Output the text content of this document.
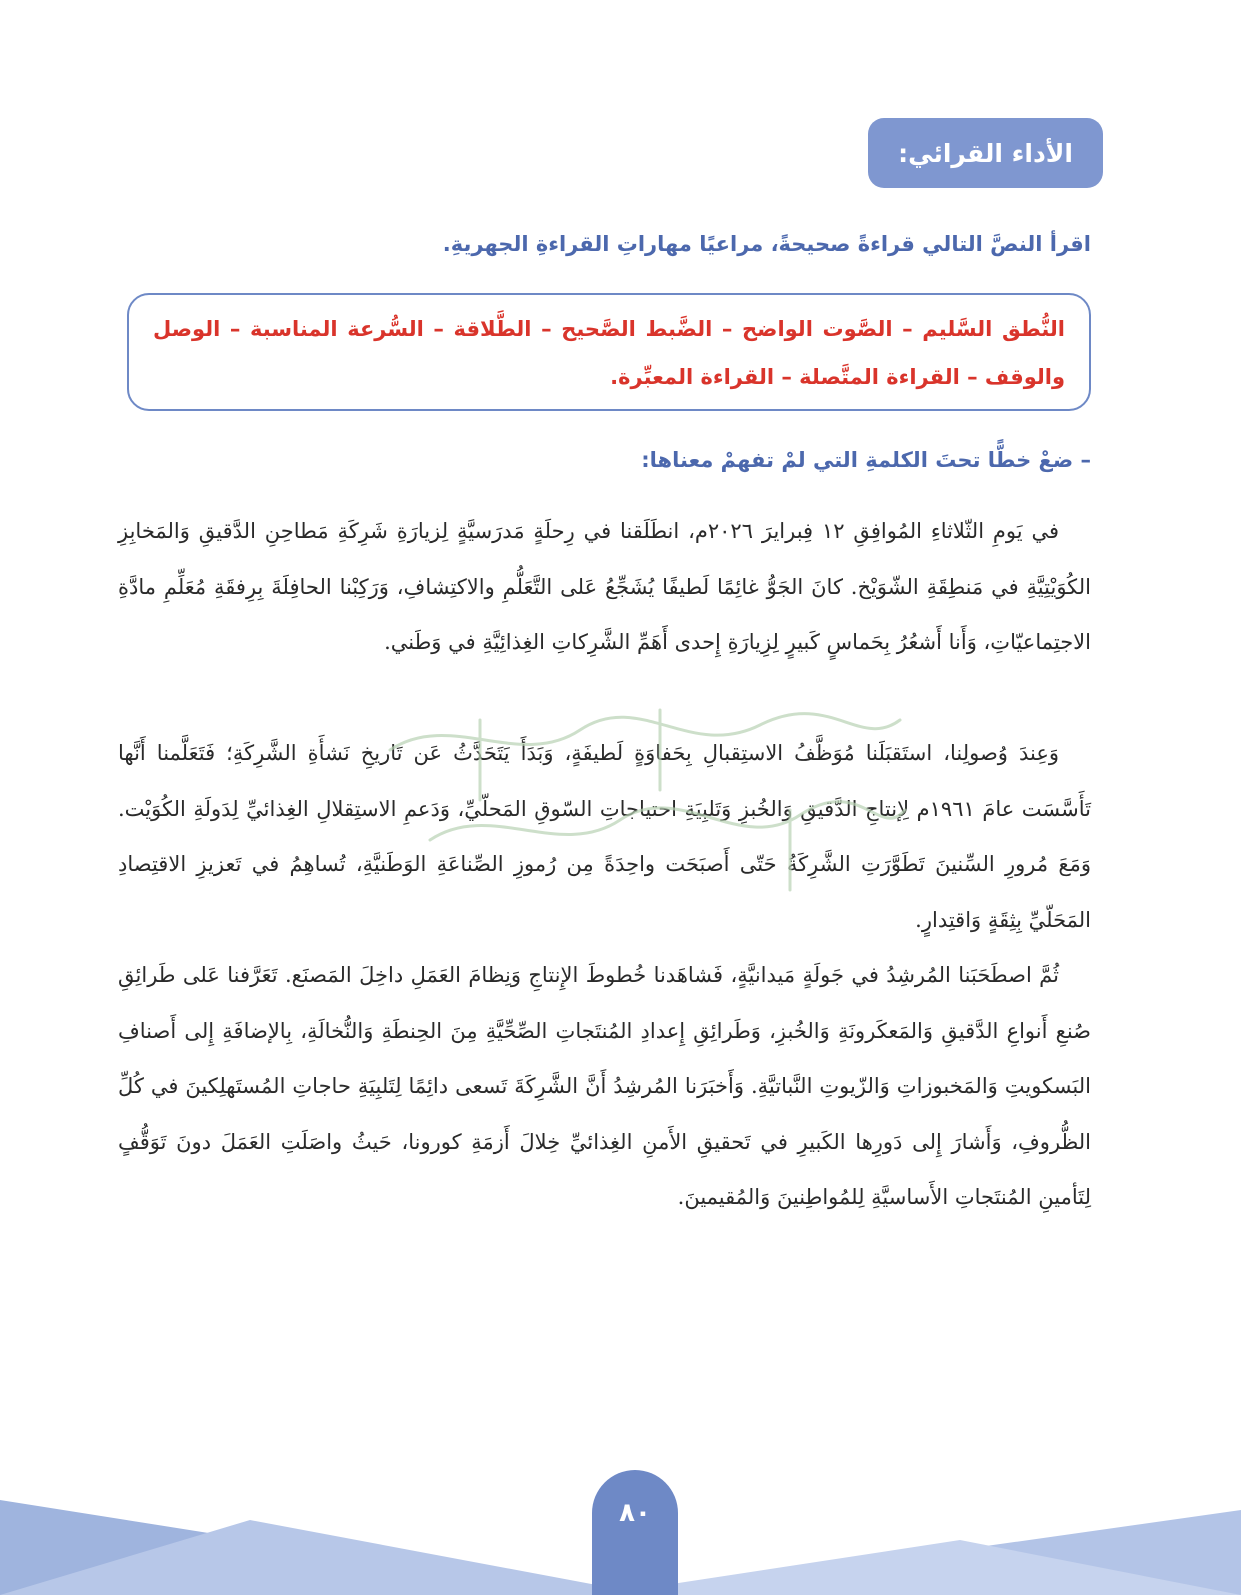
الأداء القرائي:
اقرأ النصَّ التالي قراءةً صحيحةً، مراعيًا مهاراتِ القراءةِ الجهريةِ.
النُّطق السَّليم – الصَّوت الواضح – الضَّبط الصَّحيح – الطَّلاقة – السُّرعة المناسبة – الوصل والوقف – القراءة المتَّصلة – القراءة المعبِّرة.
– ضعْ خطًّا تحتَ الكلمةِ التي لمْ تفهمْ معناها:

في يَومِ الثّلاثاءِ المُوافِقِ ١٢ فِبرايرَ ٢٠٢٦م، انطَلَقنا في رِحلَةٍ مَدرَسيَّةٍ لِزيارَةِ شَرِكَةِ مَطاحِنِ الدَّقيقِ وَالمَخابِزِ الكُوَيْتِيَّةِ في مَنطِقَةِ الشّوَيْخ. كانَ الجَوُّ غائِمًا لَطيفًا يُشَجِّعُ عَلى التَّعَلُّمِ والاكتِشافِ، وَرَكِبْنا الحافِلَةَ بِرِفقَةِ مُعَلِّمِ مادَّةِ الاجتِماعيّاتِ، وَأَنا أَشعُرُ بِحَماسٍ كَبيرٍ لِزِيارَةِ إِحدى أَهَمِّ الشَّرِكاتِ الغِذائِيَّةِ في وَطَني.

وَعِندَ وُصولِنا، استَقبَلَنا مُوَظَّفُ الاستِقبالِ بِحَفاوَةٍ لَطيفَةٍ، وَبَدَأَ يَتَحَدَّثُ عَن تَاريخِ نَشأَةِ الشَّرِكَةِ؛ فَتَعَلَّمنا أَنَّها تَأَسَّسَت عامَ ١٩٦١م لِإنتاجِ الدَّقيقِ وَالخُبزِ وَتَلبِيَةِ احتياجاتِ السّوقِ المَحلّيِّ، وَدَعمِ الاستِقلالِ الغِذائيِّ لِدَولَةِ الكُوَيْت. وَمَعَ مُرورِ السِّنينَ تَطَوَّرَتِ الشَّرِكَةُ حَتّى أَصبَحَت واحِدَةً مِن رُموزِ الصِّناعَةِ الوَطَنيَّةِ، تُساهِمُ في تَعزيزِ الاقتِصادِ المَحَلّيِّ بِثِقَةٍ وَاقتِدارٍ.

ثُمَّ اصطَحَبَنا المُرشِدُ في جَولَةٍ مَيدانيَّةٍ، فَشاهَدنا خُطوطَ الإِنتاجِ وَنِظامَ العَمَلِ داخِلَ المَصنَع. تَعَرَّفنا عَلى طَرائِقِ صُنعِ أَنواعِ الدَّقيقِ وَالمَعكَرونَةِ وَالخُبزِ، وَطَرائِقِ إِعدادِ المُنتَجاتِ الصِّحِّيَّةِ مِنَ الحِنطَةِ وَالنُّخالَةِ، بِالإضافَةِ إِلى أَصنافِ البَسكويتِ وَالمَخبوزاتِ وَالزّيوتِ النَّباتيَّةِ. وَأَخبَرَنا المُرشِدُ أَنَّ الشَّرِكَةَ تَسعى دائِمًا لِتَلبِيَةِ حاجاتِ المُستَهلِكينَ في كُلِّ الظُّروفِ، وَأَشارَ إِلى دَورِها الكَبيرِ في تَحقيقِ الأَمنِ الغِذائيِّ خِلالَ أَزمَةِ كورونا، حَيثُ واصَلَتِ العَمَلَ دونَ تَوَقُّفٍ لِتَأمينِ المُنتَجاتِ الأَساسيَّةِ لِلمُواطِنينَ وَالمُقيمينَ.

٨٠
